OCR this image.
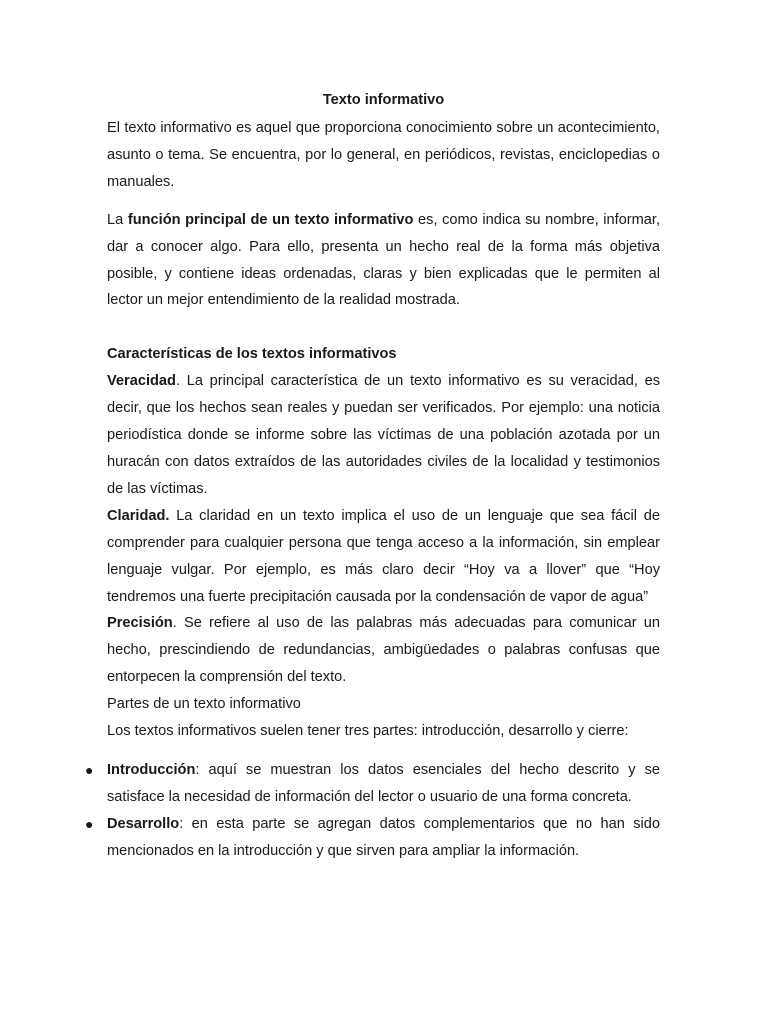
Texto informativo

El texto informativo es aquel que proporciona conocimiento sobre un acontecimiento, asunto o tema. Se encuentra, por lo general, en periódicos, revistas, enciclopedias o manuales.

La función principal de un texto informativo es, como indica su nombre, informar, dar a conocer algo. Para ello, presenta un hecho real de la forma más objetiva posible, y contiene ideas ordenadas, claras y bien explicadas que le permiten al lector un mejor entendimiento de la realidad mostrada.

Características de los textos informativos

Veracidad. La principal característica de un texto informativo es su veracidad, es decir, que los hechos sean reales y puedan ser verificados. Por ejemplo: una noticia periodística donde se informe sobre las víctimas de una población azotada por un huracán con datos extraídos de las autoridades civiles de la localidad y testimonios de las víctimas.

Claridad. La claridad en un texto implica el uso de un lenguaje que sea fácil de comprender para cualquier persona que tenga acceso a la información, sin emplear lenguaje vulgar. Por ejemplo, es más claro decir “Hoy va a llover” que “Hoy tendremos una fuerte precipitación causada por la condensación de vapor de agua”

Precisión. Se refiere al uso de las palabras más adecuadas para comunicar un hecho, prescindiendo de redundancias, ambigüedades o palabras confusas que entorpecen la comprensión del texto.

Partes de un texto informativo

Los textos informativos suelen tener tres partes: introducción, desarrollo y cierre:

● Introducción: aquí se muestran los datos esenciales del hecho descrito y se satisface la necesidad de información del lector o usuario de una forma concreta.
● Desarrollo: en esta parte se agregan datos complementarios que no han sido mencionados en la introducción y que sirven para ampliar la información.
